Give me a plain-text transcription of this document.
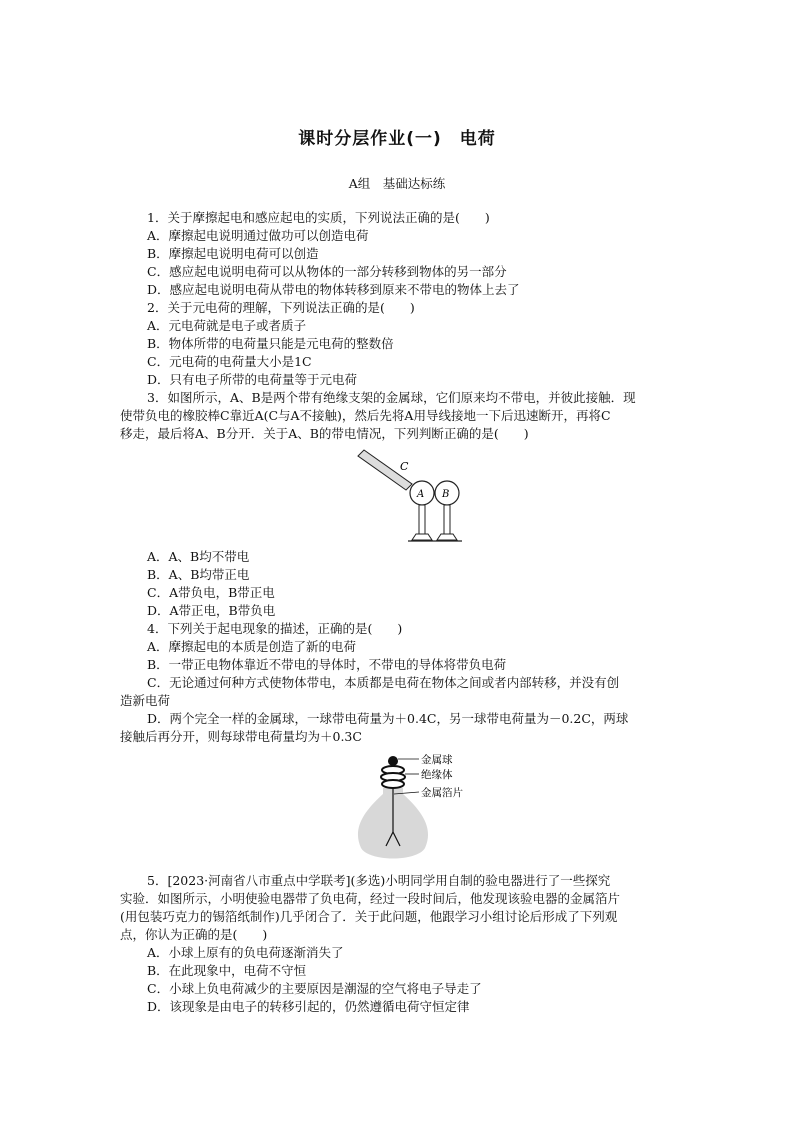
课时分层作业(一)　电荷
A组　基础达标练
1．关于摩擦起电和感应起电的实质，下列说法正确的是(　　)
A．摩擦起电说明通过做功可以创造电荷
B．摩擦起电说明电荷可以创造
C．感应起电说明电荷可以从物体的一部分转移到物体的另一部分
D．感应起电说明电荷从带电的物体转移到原来不带电的物体上去了
2．关于元电荷的理解，下列说法正确的是(　　)
A．元电荷就是电子或者质子
B．物体所带的电荷量只能是元电荷的整数倍
C．元电荷的电荷量大小是1C
D．只有电子所带的电荷量等于元电荷
3．如图所示，A、B是两个带有绝缘支架的金属球，它们原来均不带电，并彼此接触．现
使带负电的橡胶棒C靠近A(C与A不接触)，然后先将A用导线接地一下后迅速断开，再将C
移走，最后将A、B分开．关于A、B的带电情况，下列判断正确的是(　　)
C
A B
A．A、B均不带电
B．A、B均带正电
C．A带负电，B带正电
D．A带正电，B带负电
4．下列关于起电现象的描述，正确的是(　　)
A．摩擦起电的本质是创造了新的电荷
B．一带正电物体靠近不带电的导体时，不带电的导体将带负电荷
C．无论通过何种方式使物体带电，本质都是电荷在物体之间或者内部转移，并没有创
造新电荷
D．两个完全一样的金属球，一球带电荷量为＋0.4C，另一球带电荷量为－0.2C，两球
接触后再分开，则每球带电荷量均为＋0.3C
金属球
绝缘体
金属箔片
5．[2023·河南省八市重点中学联考](多选)小明同学用自制的验电器进行了一些探究
实验．如图所示，小明使验电器带了负电荷，经过一段时间后，他发现该验电器的金属箔片
(用包装巧克力的锡箔纸制作)几乎闭合了．关于此问题，他跟学习小组讨论后形成了下列观
点，你认为正确的是(　　)
A．小球上原有的负电荷逐渐消失了
B．在此现象中，电荷不守恒
C．小球上负电荷减少的主要原因是潮湿的空气将电子导走了
D．该现象是由电子的转移引起的，仍然遵循电荷守恒定律
